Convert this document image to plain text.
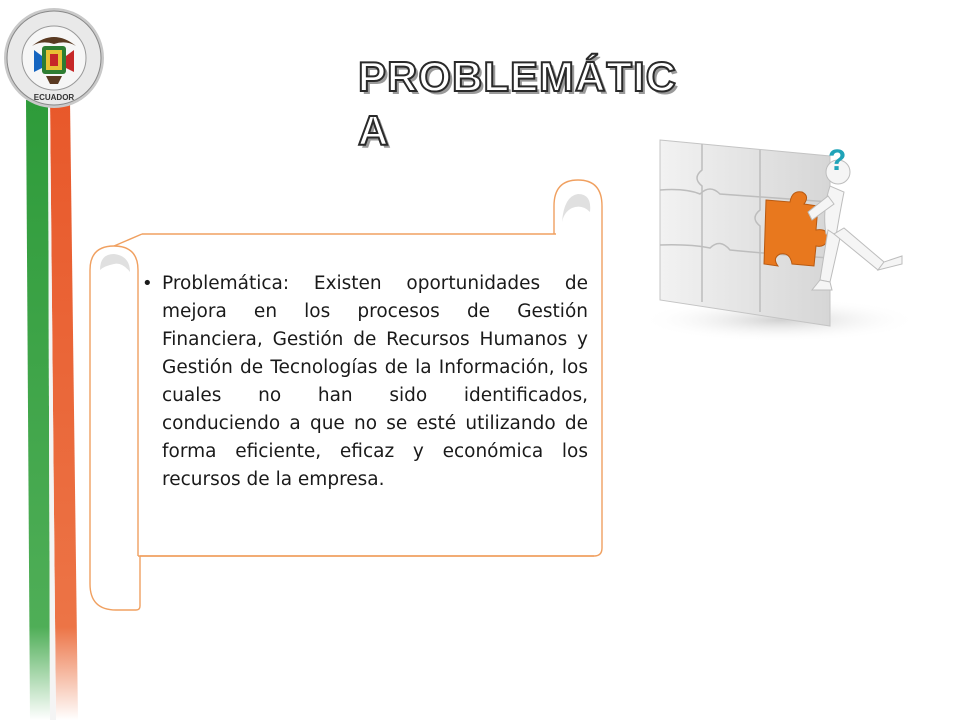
ECUADOR	PROBLEMÁTICA
• Problemática: Existen oportunidades de mejora en los procesos de Gestión Financiera, Gestión de Recursos Humanos y Gestión de Tecnologías de la Información, los cuales no han sido identificados, conduciendo a que no se esté utilizando de forma eficiente, eficaz y económica los recursos de la empresa.
?
